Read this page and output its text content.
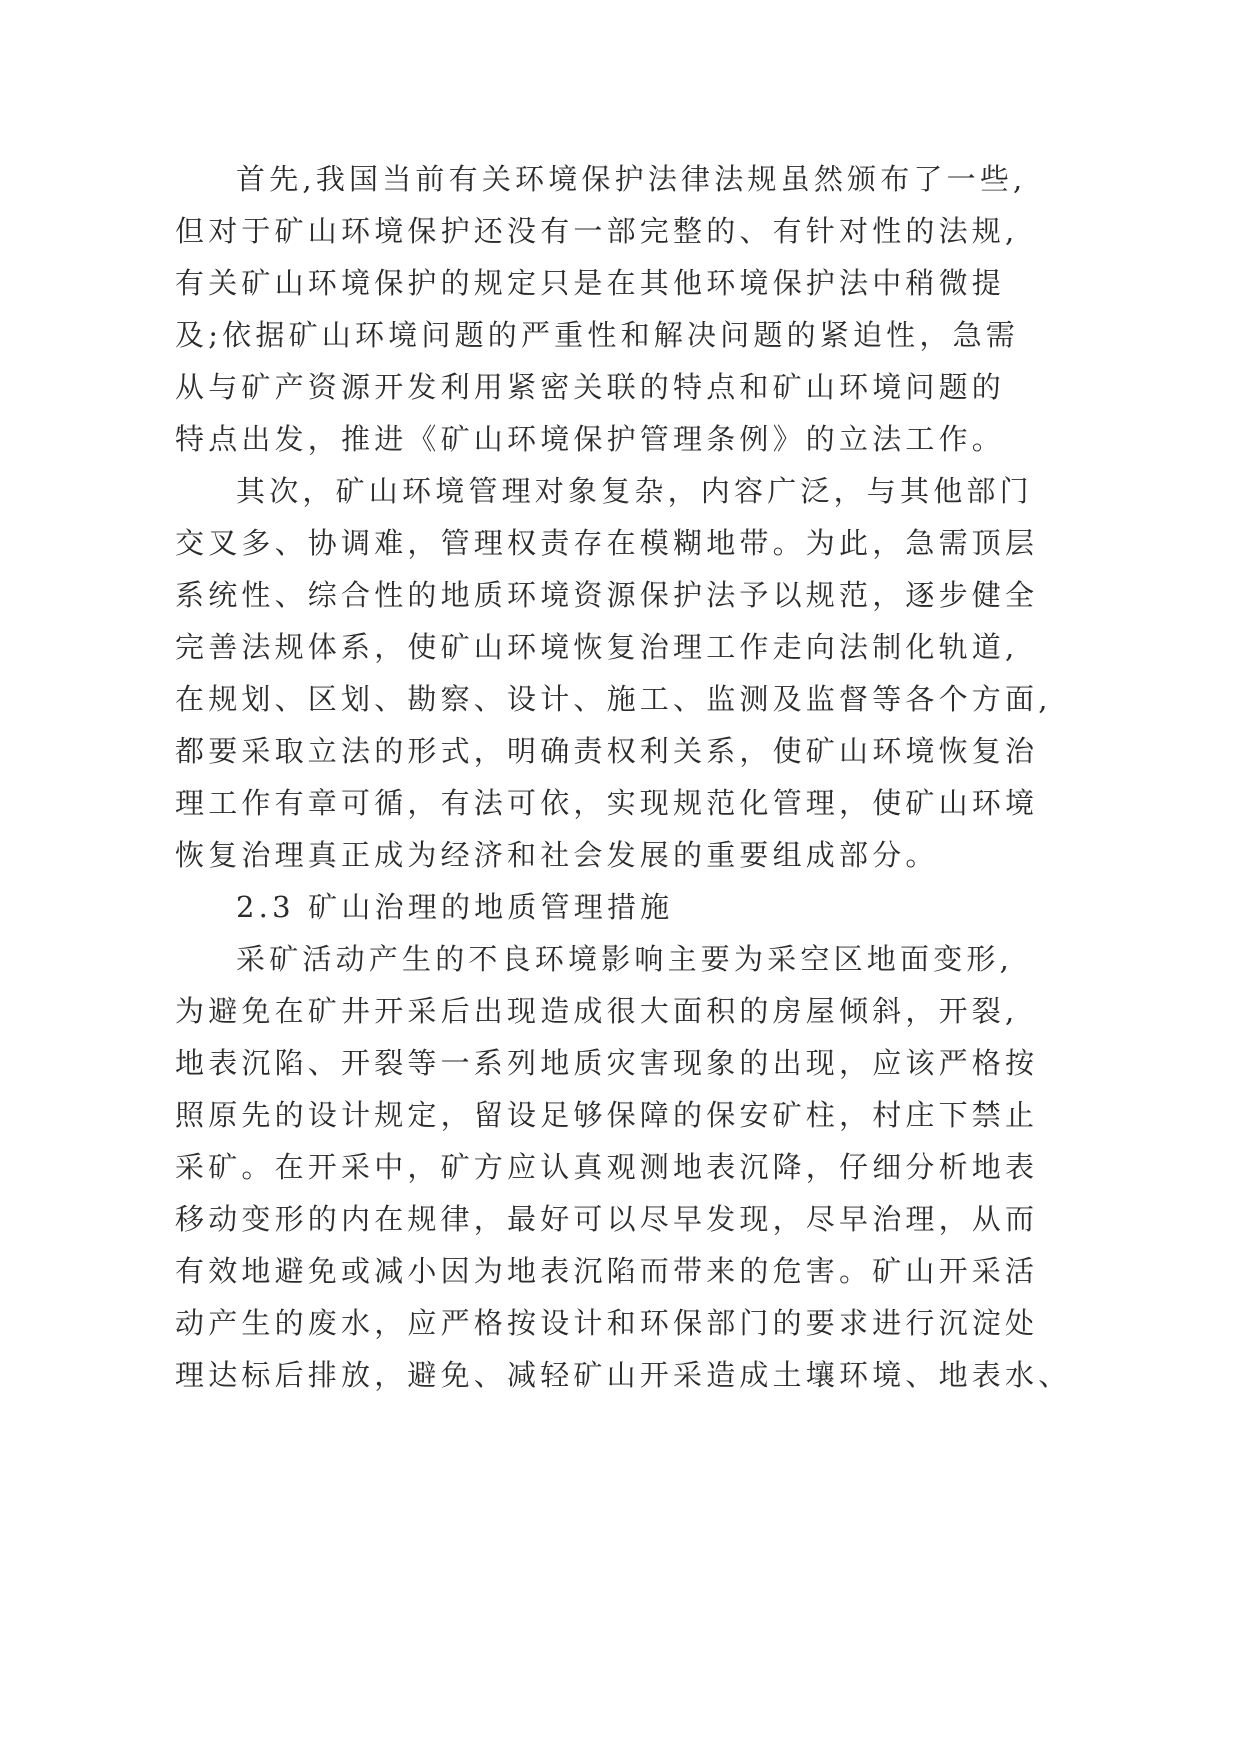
首先,我国当前有关环境保护法律法规虽然颁布了一些,
但对于矿山环境保护还没有一部完整的、有针对性的法规,
有关矿山环境保护的规定只是在其他环境保护法中稍微提
及;依据矿山环境问题的严重性和解决问题的紧迫性，急需
从与矿产资源开发利用紧密关联的特点和矿山环境问题的
特点出发，推进《矿山环境保护管理条例》的立法工作。
其次，矿山环境管理对象复杂，内容广泛，与其他部门
交叉多、协调难，管理权责存在模糊地带。为此，急需顶层
系统性、综合性的地质环境资源保护法予以规范，逐步健全
完善法规体系，使矿山环境恢复治理工作走向法制化轨道,
在规划、区划、勘察、设计、施工、监测及监督等各个方面,
都要采取立法的形式，明确责权利关系，使矿山环境恢复治
理工作有章可循，有法可依，实现规范化管理，使矿山环境
恢复治理真正成为经济和社会发展的重要组成部分。
2.3 矿山治理的地质管理措施
采矿活动产生的不良环境影响主要为采空区地面变形,
为避免在矿井开采后出现造成很大面积的房屋倾斜，开裂,
地表沉陷、开裂等一系列地质灾害现象的出现，应该严格按
照原先的设计规定，留设足够保障的保安矿柱，村庄下禁止
采矿。在开采中，矿方应认真观测地表沉降，仔细分析地表
移动变形的内在规律，最好可以尽早发现，尽早治理，从而
有效地避免或减小因为地表沉陷而带来的危害。矿山开采活
动产生的废水，应严格按设计和环保部门的要求进行沉淀处
理达标后排放，避免、减轻矿山开采造成土壤环境、地表水、
